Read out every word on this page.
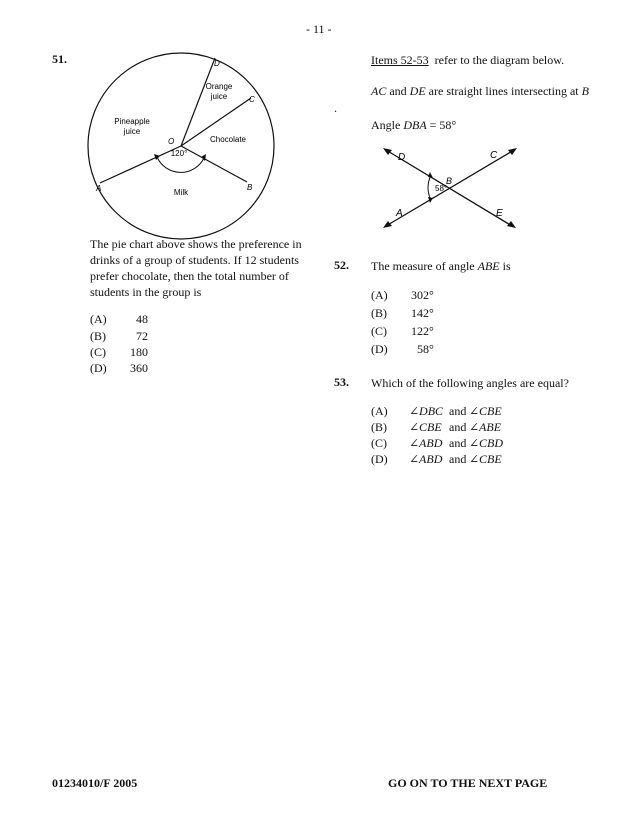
- 11 -
51.	D
C
B
A
O
Orange
juice
Pineapple
juice
Chocolate
Milk
120°
The pie chart above shows the preference in
drinks of a group of students. If 12 students
prefer chocolate, then the total number of
students in the group is
(A) 48
(B)	72
(C) 180
(D) 360
Items 52-53  refer to the diagram below.
AC and DE are straight lines intersecting at B
.
Angle DBA = 58°
D	C
B
A	E
58°
52. The measure of angle ABE is
(A) 302°
(B) 142°
(C) 122°
(D) 58°
53. Which of the following angles are equal?
(A) ∠DBC and ∠CBE
(B) ∠CBE and ∠ABE
(C) ∠ABD and ∠CBD
(D) ∠ABD and ∠CBE
01234010/F 2005	GO ON TO THE NEXT PAGE
